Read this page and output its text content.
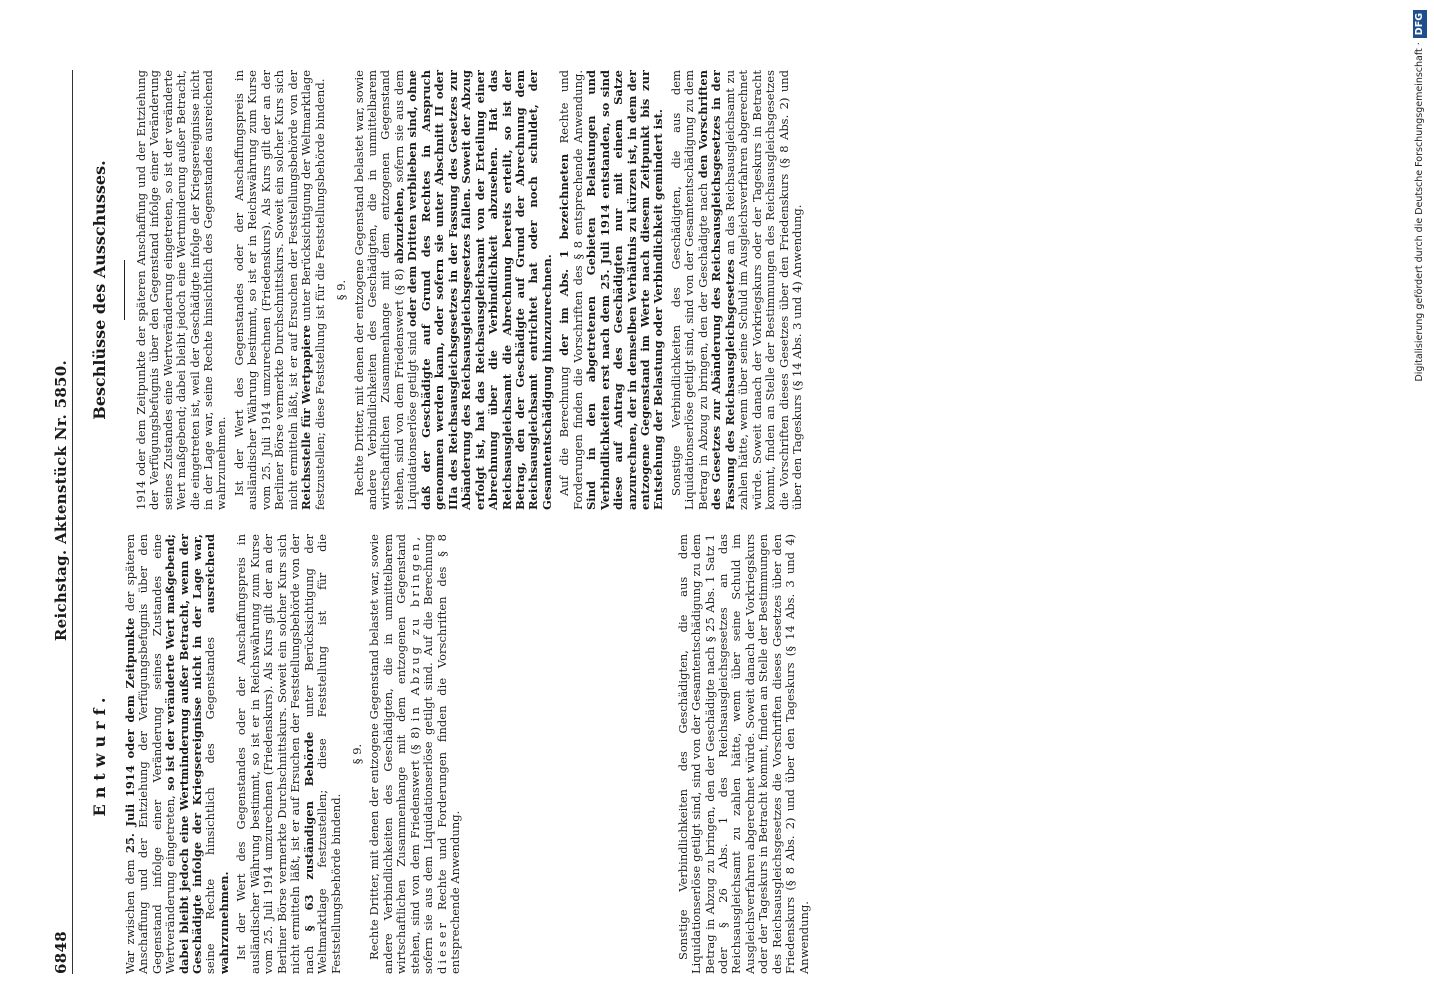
6848
Reichstag. Aktenstück Nr. 5850.
Entwurf.

War zwischen dem 25. Juli 1914 oder dem Zeitpunkte der späteren Anschaffung und der Entziehung der Verfügungsbefugnis über den Gegenstand infolge einer Veränderung seines Zustandes eine Wertveränderung eingetreten, so ist der veränderte Wert maßgebend; dabei bleibt jedoch eine Wertminderung außer Betracht, wenn der Geschädigte infolge der Kriegsereignisse nicht in der Lage war, seine Rechte hinsichtlich des Gegenstandes ausreichend wahrzunehmen. Ist der Wert des Gegenstandes oder der Anschaffungspreis in ausländischer Währung bestimmt, so ist er in Reichswährung zum Kurse vom 25. Juli 1914 umzurechnen (Friedenskurs). Als Kurs gilt der an der Berliner Börse vermerkte Durchschnittskurs. Soweit ein solcher Kurs sich nicht ermitteln läßt, ist er auf Ersuchen der Feststellungsbehörde von der nach § 63 zuständigen Behörde unter Berücksichtigung der Weltmarktlage festzustellen; diese Feststellung ist für die Feststellungsbehörde bindend.

§ 9. Rechte Dritter, mit denen der entzogene Gegenstand belastet war, sowie andere Verbindlichkeiten des Geschädigten, die in unmittelbarem wirtschaftlichen Zusammenhange mit dem entzogenen Gegenstand stehen, sind von dem Friedenswert (§ 8) in Abzug zu bringen, sofern sie aus dem Liquidationserlöse getilgt sind. Auf die Berechnung dieser Rechte und Forderungen finden die Vorschriften des § 8 entsprechende Anwendung.	Sonstige Verbindlichkeiten des Geschädigten, die aus dem Liquidationserlöse getilgt sind, sind von der Gesamtentschädigung zu dem Betrag in Abzug zu bringen, den der Geschädigte nach § 25 Abs. 1 Satz 1 oder § 26 Abs. 1 des Reichsausgleichsgesetzes an das Reichsausgleichsamt zu zahlen hätte, wenn über seine Schuld im Ausgleichsverfahren abgerechnet würde. Soweit danach der Vorkriegskurs oder der Tageskurs in Betracht kommt, finden an Stelle der Bestimmungen des Reichsausgleichsgesetzes die Vorschriften dieses Gesetzes über den Friedenskurs (§ 8 Abs. 2) und über den Tageskurs (§ 14 Abs. 3 und 4) Anwendung.

Beschlüsse des Ausschusses. 1914 oder dem Zeitpunkte der späteren Anschaffung und der Entziehung der Verfügungsbefugnis über den Gegenstand infolge einer Veränderung seines Zustandes eine Wertveränderung eingetreten, so ist der veränderte Wert maßgebend; dabei bleibt jedoch eine Wertminderung außer Betracht, die eingetreten ist, weil der Geschädigte infolge der Kriegsereignisse nicht in der Lage war, seine Rechte hinsichtlich des Gegenstandes ausreichend wahrzunehmen. Ist der Wert des Gegenstandes oder der Anschaffungspreis in ausländischer Währung bestimmt, so ist er in Reichswährung zum Kurse vom 25. Juli 1914 umzurechnen (Friedenskurs). Als Kurs gilt der an der Berliner Börse vermerkte Durchschnittskurs. Soweit ein solcher Kurs sich nicht ermitteln läßt, ist er auf Ersuchen der Feststellungsbehörde von der Reichsstelle für Wertpapiere unter Berücksichtigung der Weltmarktlage festzustellen; diese Feststellung ist für die Feststellungsbehörde bindend. § 9. Rechte Dritter, mit denen der entzogene Gegenstand belastet war, sowie andere Verbindlichkeiten des Geschädigten, die in unmittelbarem wirtschaftlichen Zusammenhange mit dem entzogenen Gegenstand stehen, sind von dem Friedenswert (§ 8) abzuziehen, sofern sie aus dem Liquidationserlöse getilgt sind oder dem Dritten verblieben sind, ohne daß der Geschädigte auf Grund des Rechtes in Anspruch genommen werden kann, oder sofern sie unter Abschnitt II oder IIIa des Reichsausgleichsgesetzes in der Fassung des Gesetzes zur Abänderung des Reichsausgleichsgesetzes fallen. Soweit der Abzug erfolgt ist, hat das Reichsausgleichsamt von der Erteilung einer Abrechnung über die Verbindlichkeit abzusehen. Hat das Reichsausgleichsamt die Abrechnung bereits erteilt, so ist der Betrag, den der Geschädigte auf Grund der Abrechnung dem Reichsausgleichsamt entrichtet hat oder noch schuldet, der Gesamtentschädigung hinzuzurechnen. Auf die Berechnung der im Abs. 1 bezeichneten Rechte und Forderungen finden die Vorschriften des § 8 entsprechende Anwendung. Sind in den abgetretenen Gebieten Belastungen und Verbindlichkeiten erst nach dem 25. Juli 1914 entstanden, so sind diese auf Antrag des Geschädigten nur mit einem Satze anzurechnen, der in demselben Verhältnis zu kürzen ist, in dem der entzogene Gegenstand im Werte nach diesem Zeitpunkt bis zur Entstehung der Belastung oder Verbindlichkeit gemindert ist. Sonstige Verbindlichkeiten des Geschädigten, die aus dem Liquidationserlöse getilgt sind, sind von der Gesamtentschädigung zu dem Betrag in Abzug zu bringen, den der Geschädigte nach den Vorschriften des Gesetzes zur Abänderung des Reichsausgleichsgesetzes in der Fassung des Reichsausgleichsgesetzes an das Reichsausgleichsamt zu zahlen hätte, wenn über seine Schuld im Ausgleichsverfahren abgerechnet würde. Soweit danach der Vorkriegskurs oder der Tageskurs in Betracht kommt, finden an Stelle der Bestimmungen des Reichsausgleichsgesetzes die Vorschriften dieses Gesetzes über den Friedenskurs (§ 8 Abs. 2) und über den Tageskurs (§ 14 Abs. 3 und 4) Anwendung.	Digitalisierung gefördert durch die Deutsche Forschungsgemeinschaft ·DFG
